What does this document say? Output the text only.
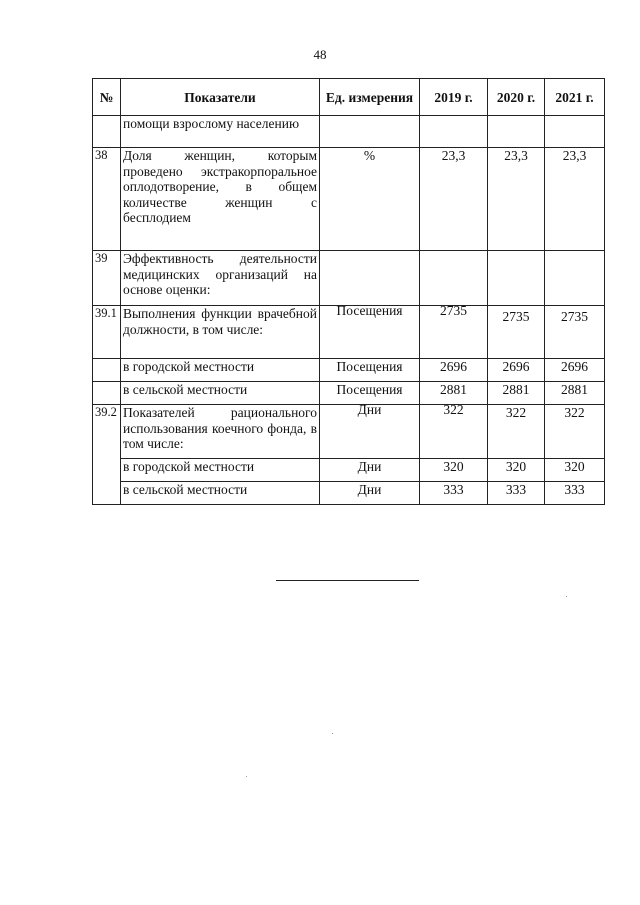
48
№	Показатели	Ед. измерения	2019 г.	2020 г.	2021 г.
	помощи взрослому населению				
38	Доля женщин, которым проведено экстракорпоральное оплодотворение, в общем количестве женщин с бесплодием	%	23,3	23,3	23,3
39	Эффективность деятельности медицинских организаций на основе оценки:				
39.1	Выполнения функции врачебной должности, в том числе:	Посещения	2735	2735	2735
	в городской местности	Посещения	2696	2696	2696
	в сельской местности	Посещения	2881	2881	2881
39.2	Показателей рационального использования коечного фонда, в том числе:	Дни	322	322	322
	в городской местности	Дни	320	320	320
	в сельской местности	Дни	333	333	333
